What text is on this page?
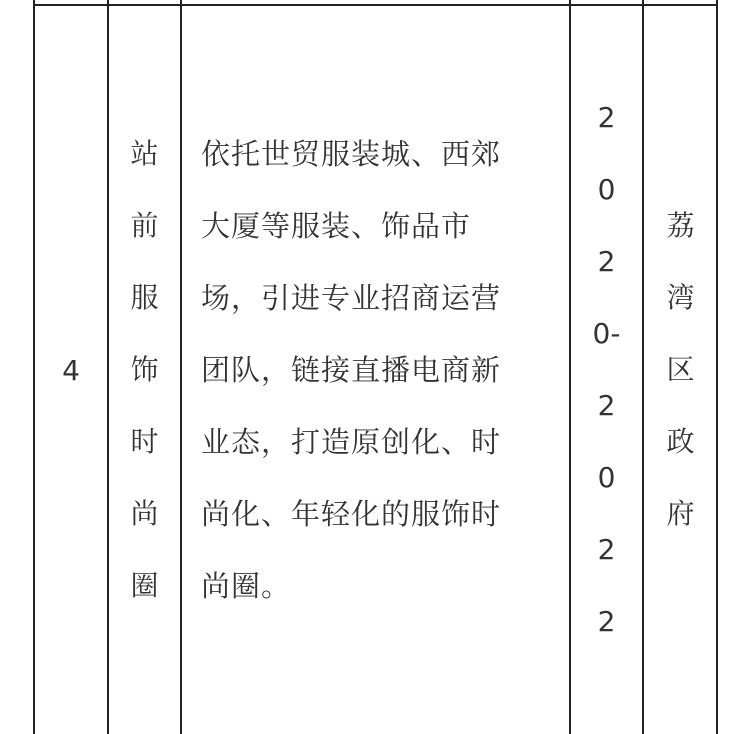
4
站前服饰时尚圈
依托世贸服装城、西郊大厦等服装、饰品市场，引进专业招商运营团队，链接直播电商新业态，打造原创化、时尚化、年轻化的服饰时尚圈。
2020-2022
荔湾区政府
